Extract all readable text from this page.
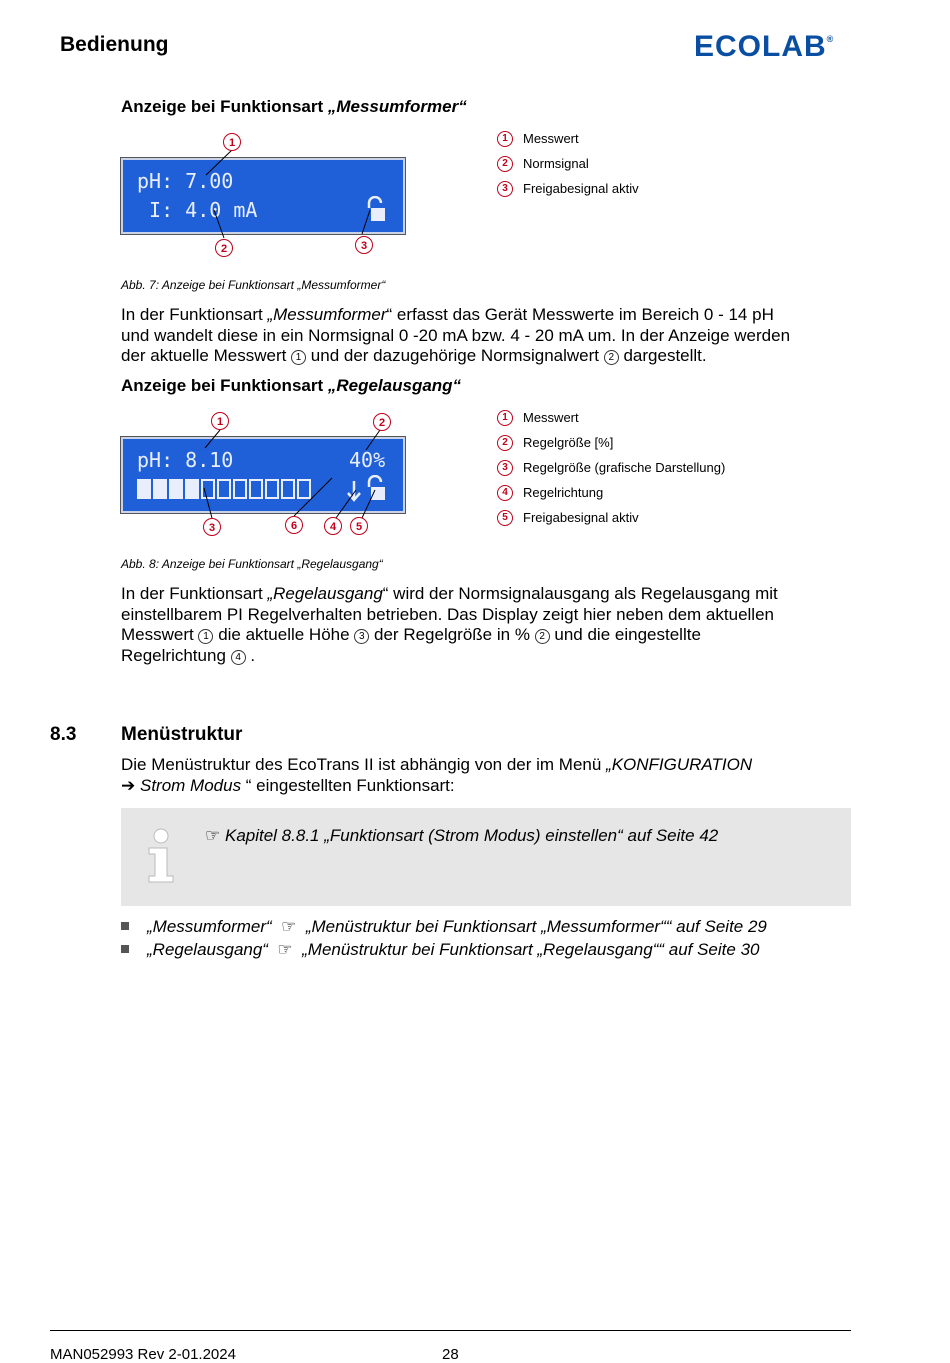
Bedienung	ECOLAB®
Anzeige bei Funktionsart „Messumformer“
pH: 7.00
I: 4.0 mA
1
2	3
1	Messwert
2	Normsignal
3	Freigabesignal aktiv
Abb. 7: Anzeige bei Funktionsart „Messumformer“
In der Funktionsart „Messumformer“ erfasst das Gerät Messwerte im Bereich 0 - 14 pH
und wandelt diese in ein Normsignal 0 -20 mA bzw. 4 - 20 mA um. In der Anzeige werden
der aktuelle Messwert 1 und der dazugehörige Normsignalwert 2 dargestellt.
Anzeige bei Funktionsart „Regelausgang“
pH: 8.10	40%
1	2
3	4	5
6
1	Messwert
2	Regelgröße [%]
3	Regelgröße (grafische Darstellung)
4	Regelrichtung
5	Freigabesignal aktiv
Abb. 8: Anzeige bei Funktionsart „Regelausgang“
In der Funktionsart „Regelausgang“ wird der Normsignalausgang als Regelausgang mit
einstellbarem PI Regelverhalten betrieben. Das Display zeigt hier neben dem aktuellen
Messwert 1 die aktuelle Höhe 3 der Regelgröße in % 2 und die eingestellte
Regelrichtung 4 .
8.3 Menüstruktur
Die Menüstruktur des EcoTrans II ist abhängig von der im Menü „KONFIGURATION
➔ Strom Modus “ eingestellten Funktionsart:
☞ Kapitel 8.8.1 „Funktionsart (Strom Modus) einstellen“ auf Seite 42
„Messumformer“ ☞ „Menüstruktur bei Funktionsart „Messumformer““ auf Seite 29
„Regelausgang“ ☞ „Menüstruktur bei Funktionsart „Regelausgang““ auf Seite 30
MAN052993 Rev 2-01.2024	28
